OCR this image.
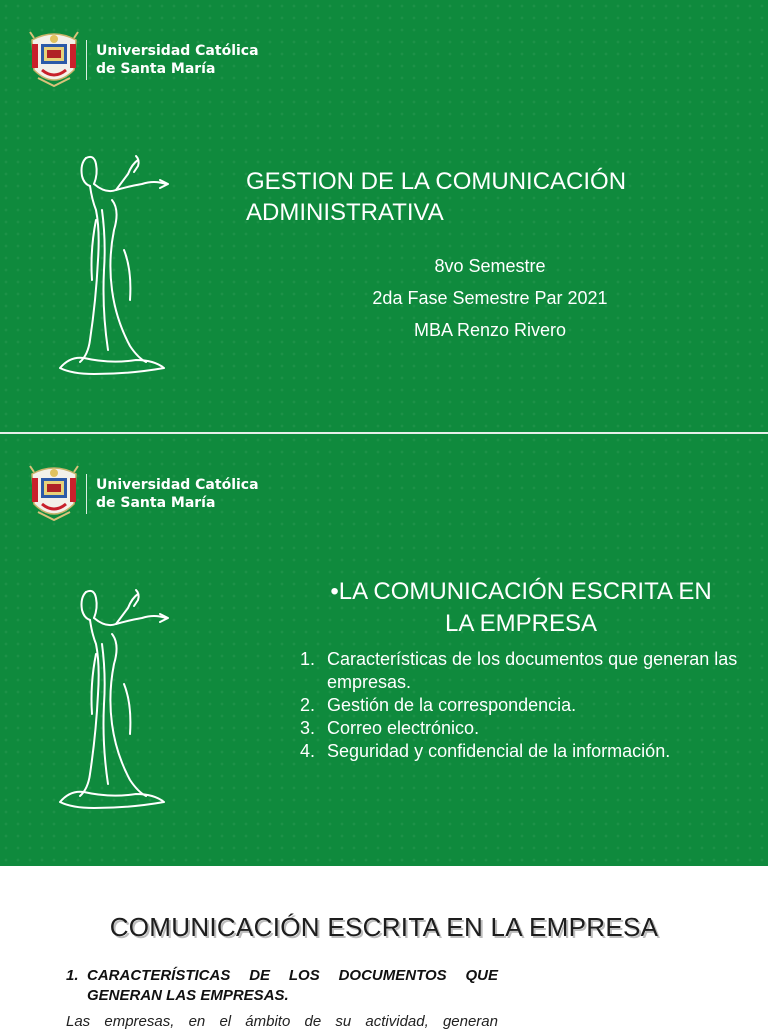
Universidad Católica
de Santa María
GESTION DE LA COMUNICACIÓN
ADMINISTRATIVA
8vo Semestre
2da Fase Semestre Par 2021
MBA Renzo Rivero
Universidad Católica
de Santa María
•LA COMUNICACIÓN ESCRITA EN
LA EMPRESA
1. Características de los documentos que generan las empresas.
2. Gestión de la correspondencia.
3. Correo electrónico.
4. Seguridad y confidencial de la información.
COMUNICACIÓN ESCRITA EN LA EMPRESA
1. CARACTERÍSTICAS DE LOS DOCUMENTOS QUE
GENERAN LAS EMPRESAS.
Las empresas, en el ámbito de su actividad, generan
